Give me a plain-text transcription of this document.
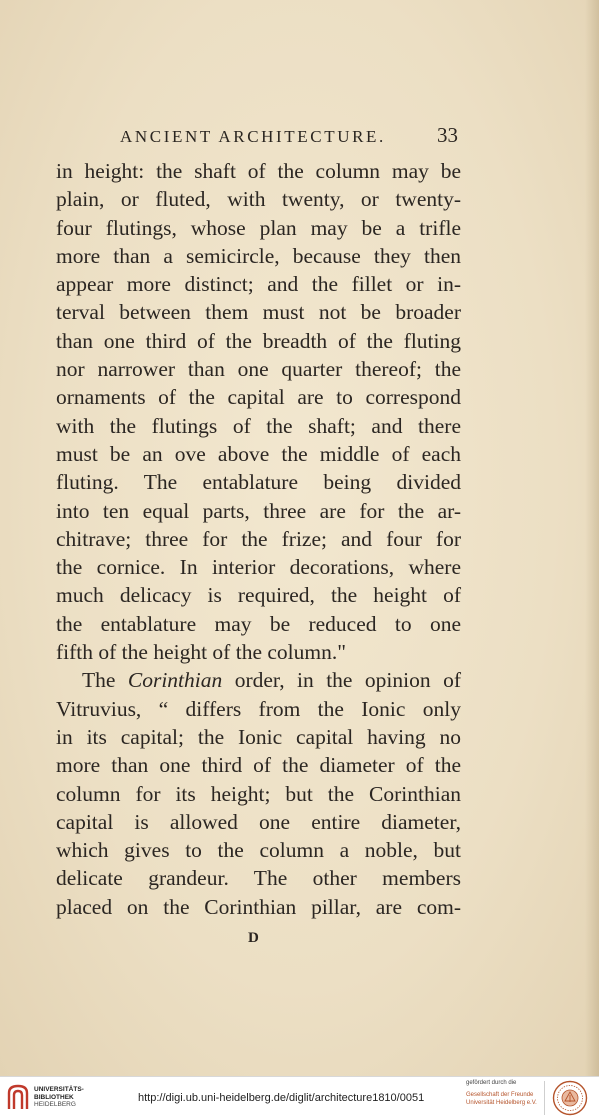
ANCIENT ARCHITECTURE. 33
in height: the shaft of the column may be
plain, or fluted, with twenty, or twenty-
four flutings, whose plan may be a trifle
more than a semicircle, because they then
appear more distinct; and the fillet or in-
terval between them must not be broader
than one third of the breadth of the fluting
nor narrower than one quarter thereof; the
ornaments of the capital are to correspond
with the flutings of the shaft; and there
must be an ove above the middle of each
fluting. The entablature being divided
into ten equal parts, three are for the ar-
chitrave; three for the frize; and four for
the cornice. In interior decorations, where
much delicacy is required, the height of
the entablature may be reduced to one
fifth of the height of the column."
The Corinthian order, in the opinion of
Vitruvius, “ differs from the Ionic only
in its capital; the Ionic capital having no
more than one third of the diameter of the
column for its height; but the Corinthian
capital is allowed one entire diameter,
which gives to the column a noble, but
delicate grandeur. The other members
placed on the Corinthian pillar, are com-
D
UNIVERSITÄTS-
BIBLIOTHEK
HEIDELBERG
http://digi.ub.uni-heidelberg.de/diglit/architecture1810/0051
gefördert durch die
Gesellschaft der Freunde
Universität Heidelberg e.V.
